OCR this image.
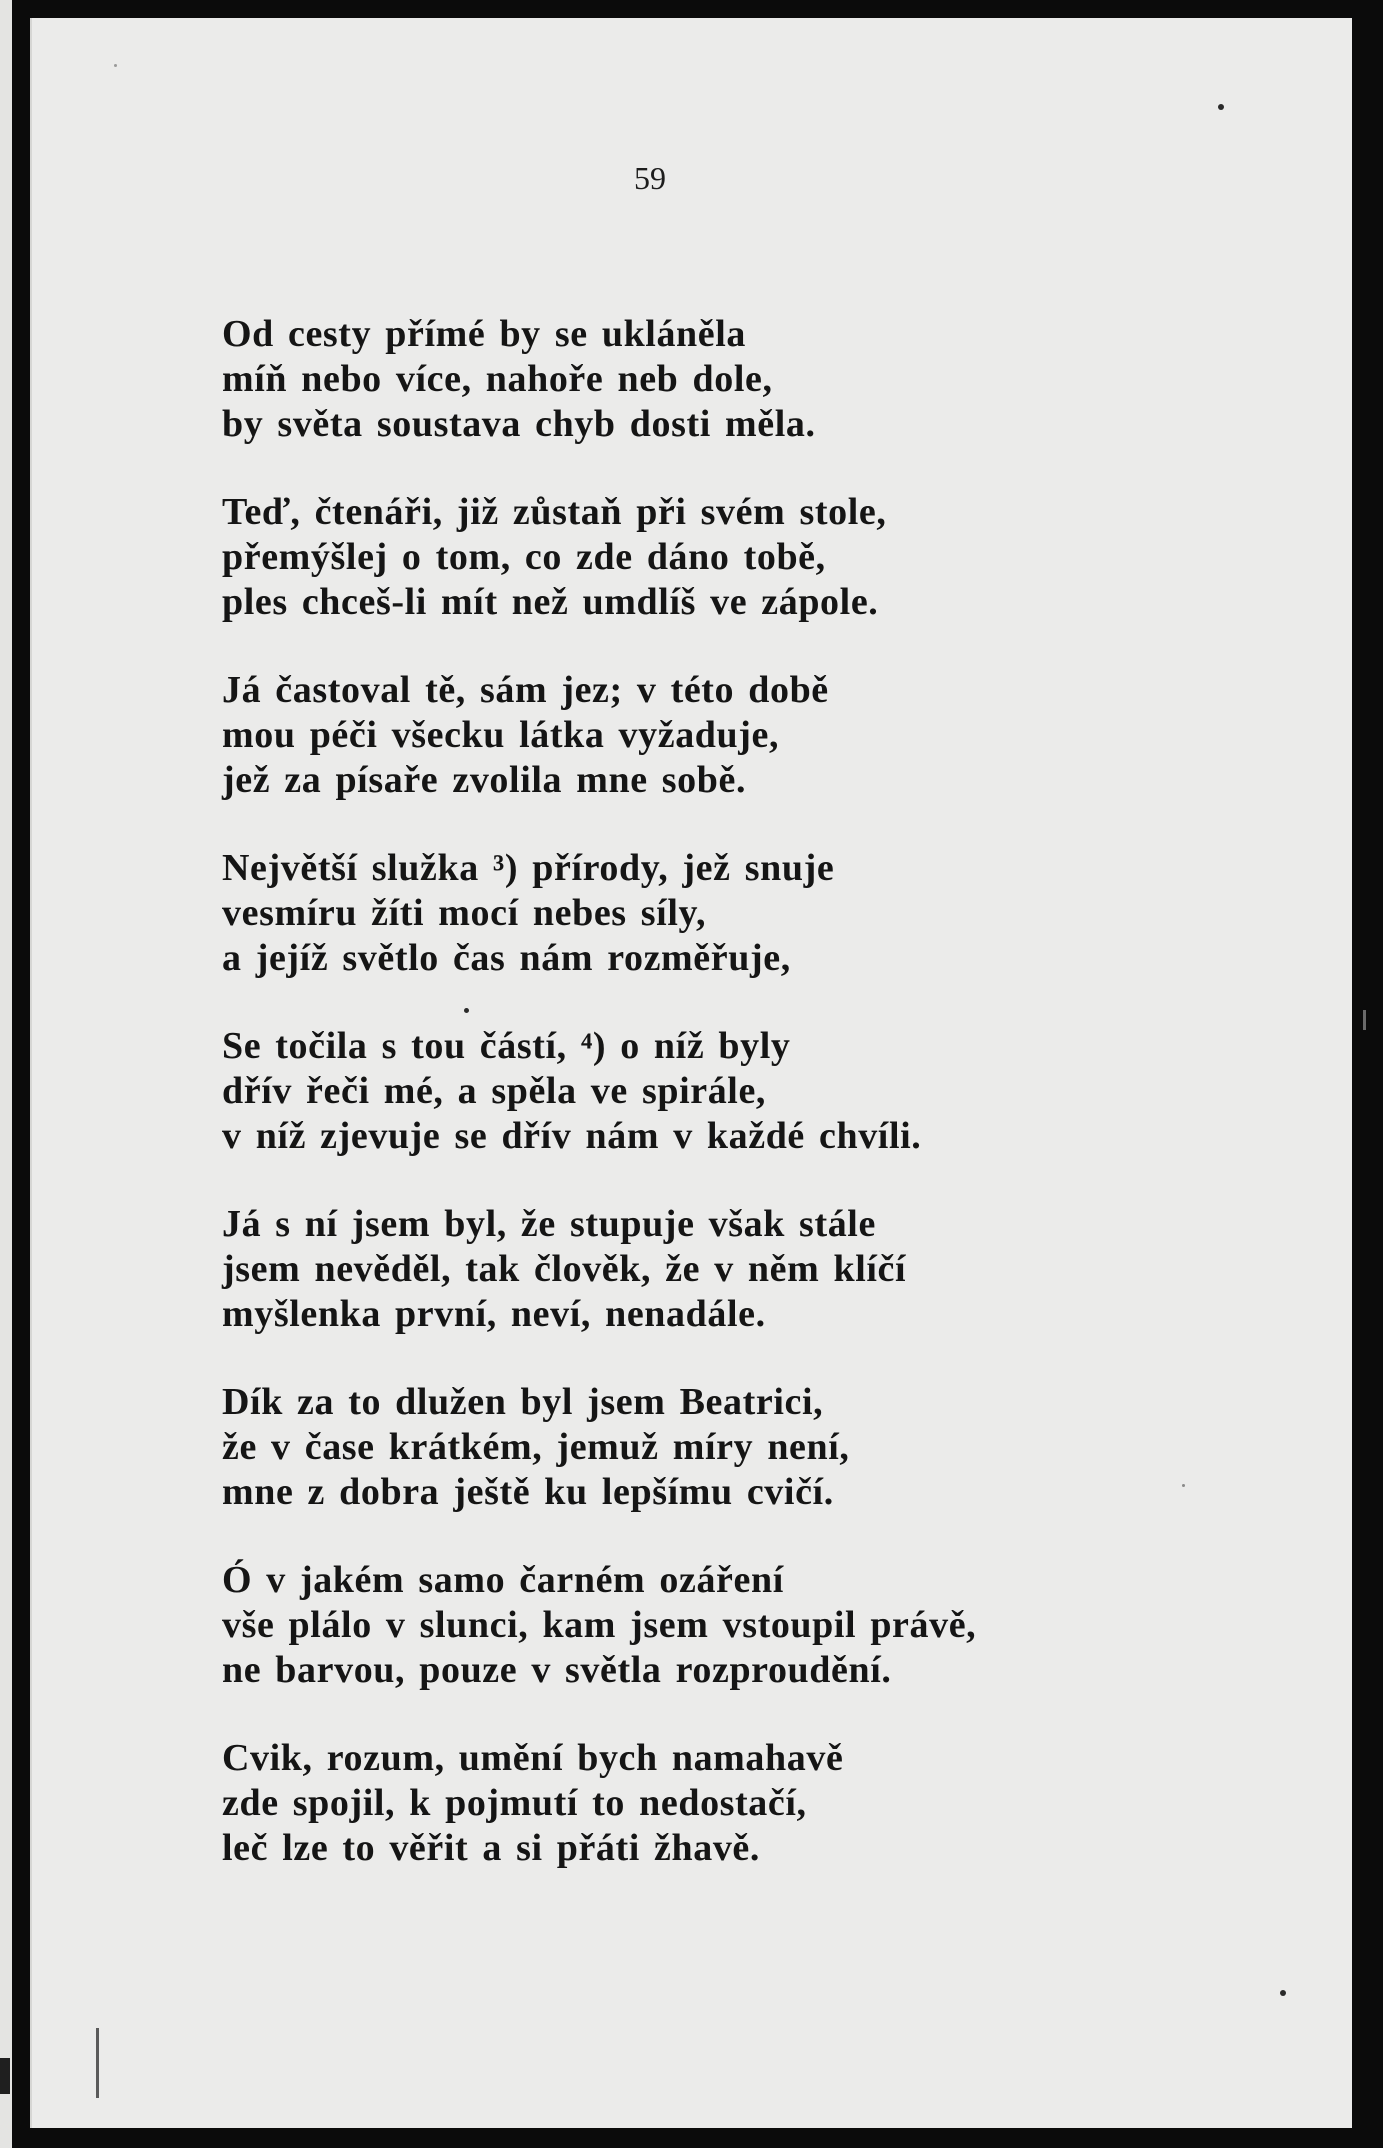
59
Od cesty přímé by se ukláněla
míň nebo více, nahoře neb dole,
by světa soustava chyb dosti měla.
Teď, čtenáři, již zůstaň při svém stole,
přemýšlej o tom, co zde dáno tobě,
ples chceš-li mít než umdlíš ve zápole.
Já častoval tě, sám jez; v této době
mou péči všecku látka vyžaduje,
jež za písaře zvolila mne sobě.
Největší služka ³) přírody, jež snuje
vesmíru žíti mocí nebes síly,
a jejíž světlo čas nám rozměřuje,
Se točila s tou částí, ⁴) o níž byly
dřív řeči mé, a spěla ve spirále,
v níž zjevuje se dřív nám v každé chvíli.
Já s ní jsem byl, že stupuje však stále
jsem nevěděl, tak člověk, že v něm klíčí
myšlenka první, neví, nenadále.
Dík za to dlužen byl jsem Beatrici,
že v čase krátkém, jemuž míry není,
mne z dobra ještě ku lepšímu cvičí.
Ó v jakém samo čarném ozáření
vše plálo v slunci, kam jsem vstoupil právě,
ne barvou, pouze v světla rozproudění.
Cvik, rozum, umění bych namahavě
zde spojil, k pojmutí to nedostačí,
leč lze to věřit a si přáti žhavě.
